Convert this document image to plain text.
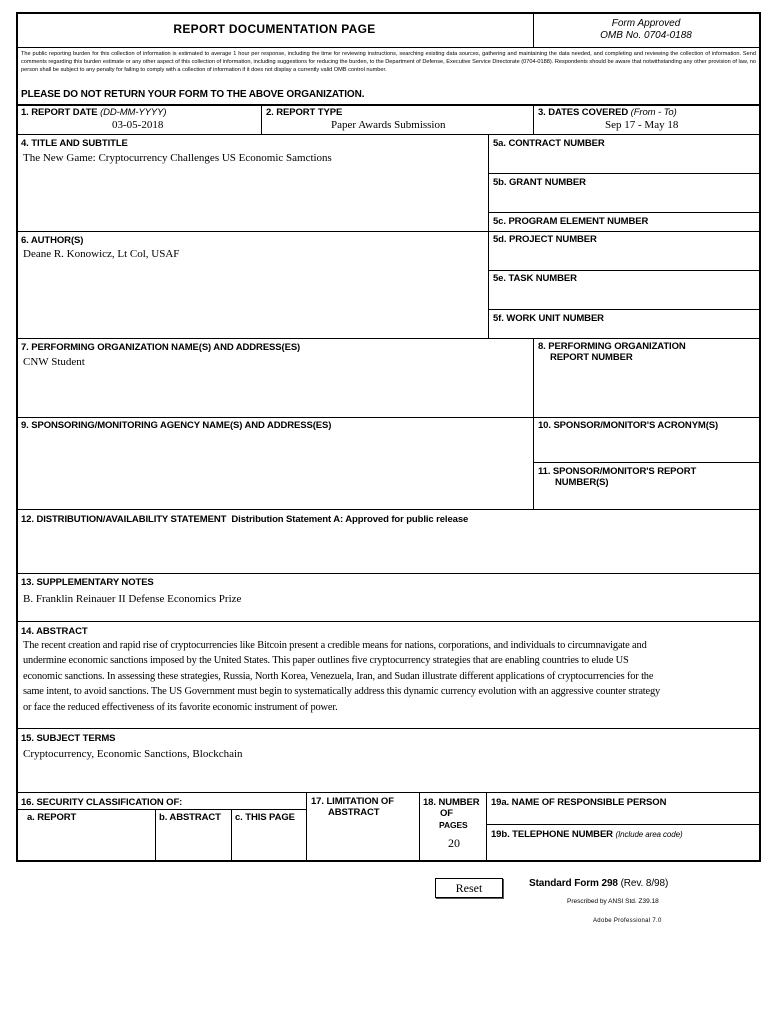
REPORT DOCUMENTATION PAGE	Form Approved
OMB No. 0704-0188
The public reporting burden for this collection of information is estimated to average 1 hour per response, including the time for reviewing instructions, searching existing data sources, gathering and maintaining the data needed, and completing and reviewing the collection of information. Send comments regarding this burden estimate or any other aspect of this collection of information, including suggestions for reducing the burden, to the Department of Defense, Executive Service Directorate (0704-0188). Respondents should be aware that notwithstanding any other provision of law, no person shall be subject to any penalty for failing to comply with a collection of information if it does not display a currently valid OMB control number.
PLEASE DO NOT RETURN YOUR FORM TO THE ABOVE ORGANIZATION.
1. REPORT DATE (DD-MM-YYYY)
03-05-2018
2. REPORT TYPE
Paper Awards Submission
3. DATES COVERED (From - To)
Sep 17 - May 18
4. TITLE AND SUBTITLE
The New Game: Cryptocurrency Challenges US Economic Samctions
5a. CONTRACT NUMBER
5b. GRANT NUMBER
5c. PROGRAM ELEMENT NUMBER
6. AUTHOR(S)
Deane R. Konowicz, Lt Col, USAF
5d. PROJECT NUMBER
5e. TASK NUMBER
5f. WORK UNIT NUMBER
7. PERFORMING ORGANIZATION NAME(S) AND ADDRESS(ES)
CNW Student
8. PERFORMING ORGANIZATION
REPORT NUMBER
9. SPONSORING/MONITORING AGENCY NAME(S) AND ADDRESS(ES)	10. SPONSOR/MONITOR'S ACRONYM(S)
11. SPONSOR/MONITOR'S REPORT
NUMBER(S)
12. DISTRIBUTION/AVAILABILITY STATEMENT Distribution Statement A: Approved for public release
13. SUPPLEMENTARY NOTES
B. Franklin Reinauer II Defense Economics Prize
14. ABSTRACT
The recent creation and rapid rise of cryptocurrencies like Bitcoin present a credible means for nations, corporations, and individuals to circumnavigate and
undermine economic sanctions imposed by the United States. This paper outlines five cryptocurrency strategies that are enabling countries to elude US
economic sanctions. In assessing these strategies, Russia, North Korea, Venezuela, Iran, and Sudan illustrate different applications of cryptocurrencies for the
same intent, to avoid sanctions. The US Government must begin to systematically address this dynamic currency evolution with an aggressive counter strategy
or face the reduced effectiveness of its favorite economic instrument of power.
15. SUBJECT TERMS
Cryptocurrency, Economic Sanctions, Blockchain
16. SECURITY CLASSIFICATION OF:
a. REPORT	b. ABSTRACT c. THIS PAGE
17. LIMITATION OF
ABSTRACT
18. NUMBER
OF
PAGES
20
19a. NAME OF RESPONSIBLE PERSON
19b. TELEPHONE NUMBER (Include area code)
Reset	Standard Form 298 (Rev. 8/98)
Prescribed by ANSI Std. Z39.18
Adobe Professional 7.0
